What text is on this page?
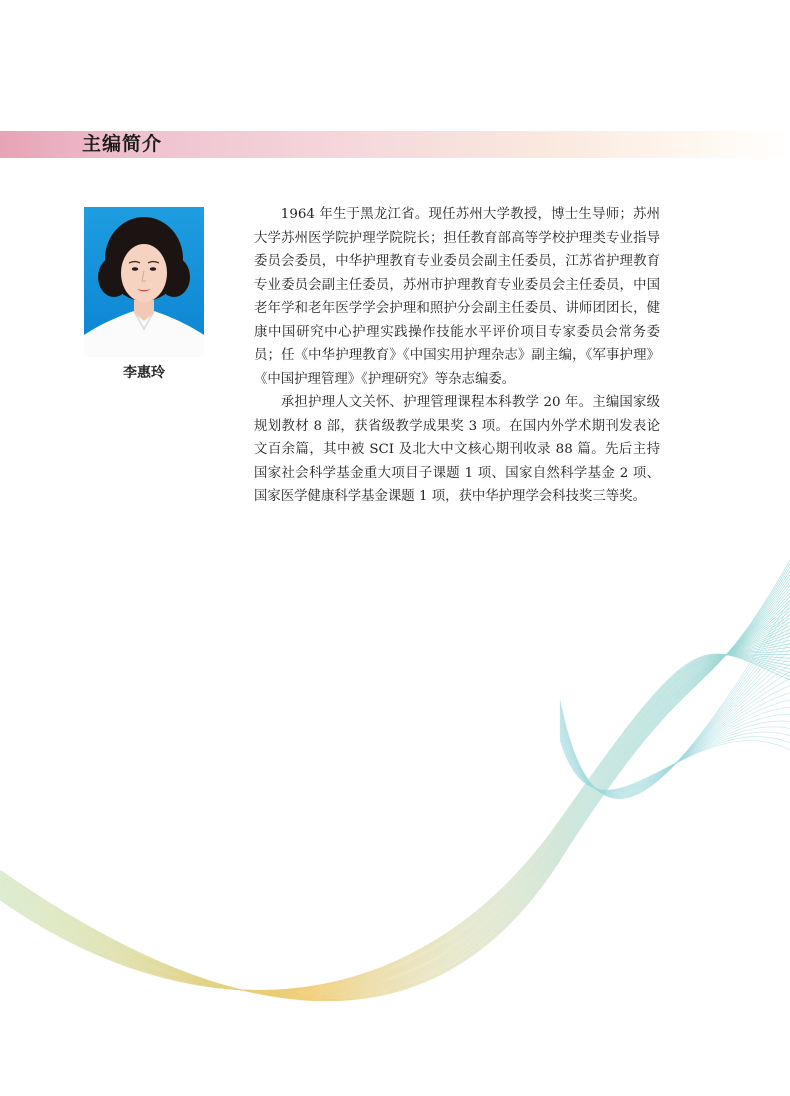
主编简介
李惠玲

1964 年生于黑龙江省。现任苏州大学教授，博士生导师；苏州大学苏州医学院护理学院院长；担任教育部高等学校护理类专业指导委员会委员，中华护理教育专业委员会副主任委员，江苏省护理教育专业委员会副主任委员，苏州市护理教育专业委员会主任委员，中国老年学和老年医学学会护理和照护分会副主任委员、讲师团团长，健康中国研究中心护理实践操作技能水平评价项目专家委员会常务委员；任《中华护理教育》《中国实用护理杂志》副主编，《军事护理》《中国护理管理》《护理研究》等杂志编委。

承担护理人文关怀、护理管理课程本科教学 20 年。主编国家级规划教材 8 部，获省级教学成果奖 3 项。在国内外学术期刊发表论文百余篇，其中被 SCI 及北大中文核心期刊收录 88 篇。先后主持国家社会科学基金重大项目子课题 1 项、国家自然科学基金 2 项、国家医学健康科学基金课题 1 项，获中华护理学会科技奖三等奖。
